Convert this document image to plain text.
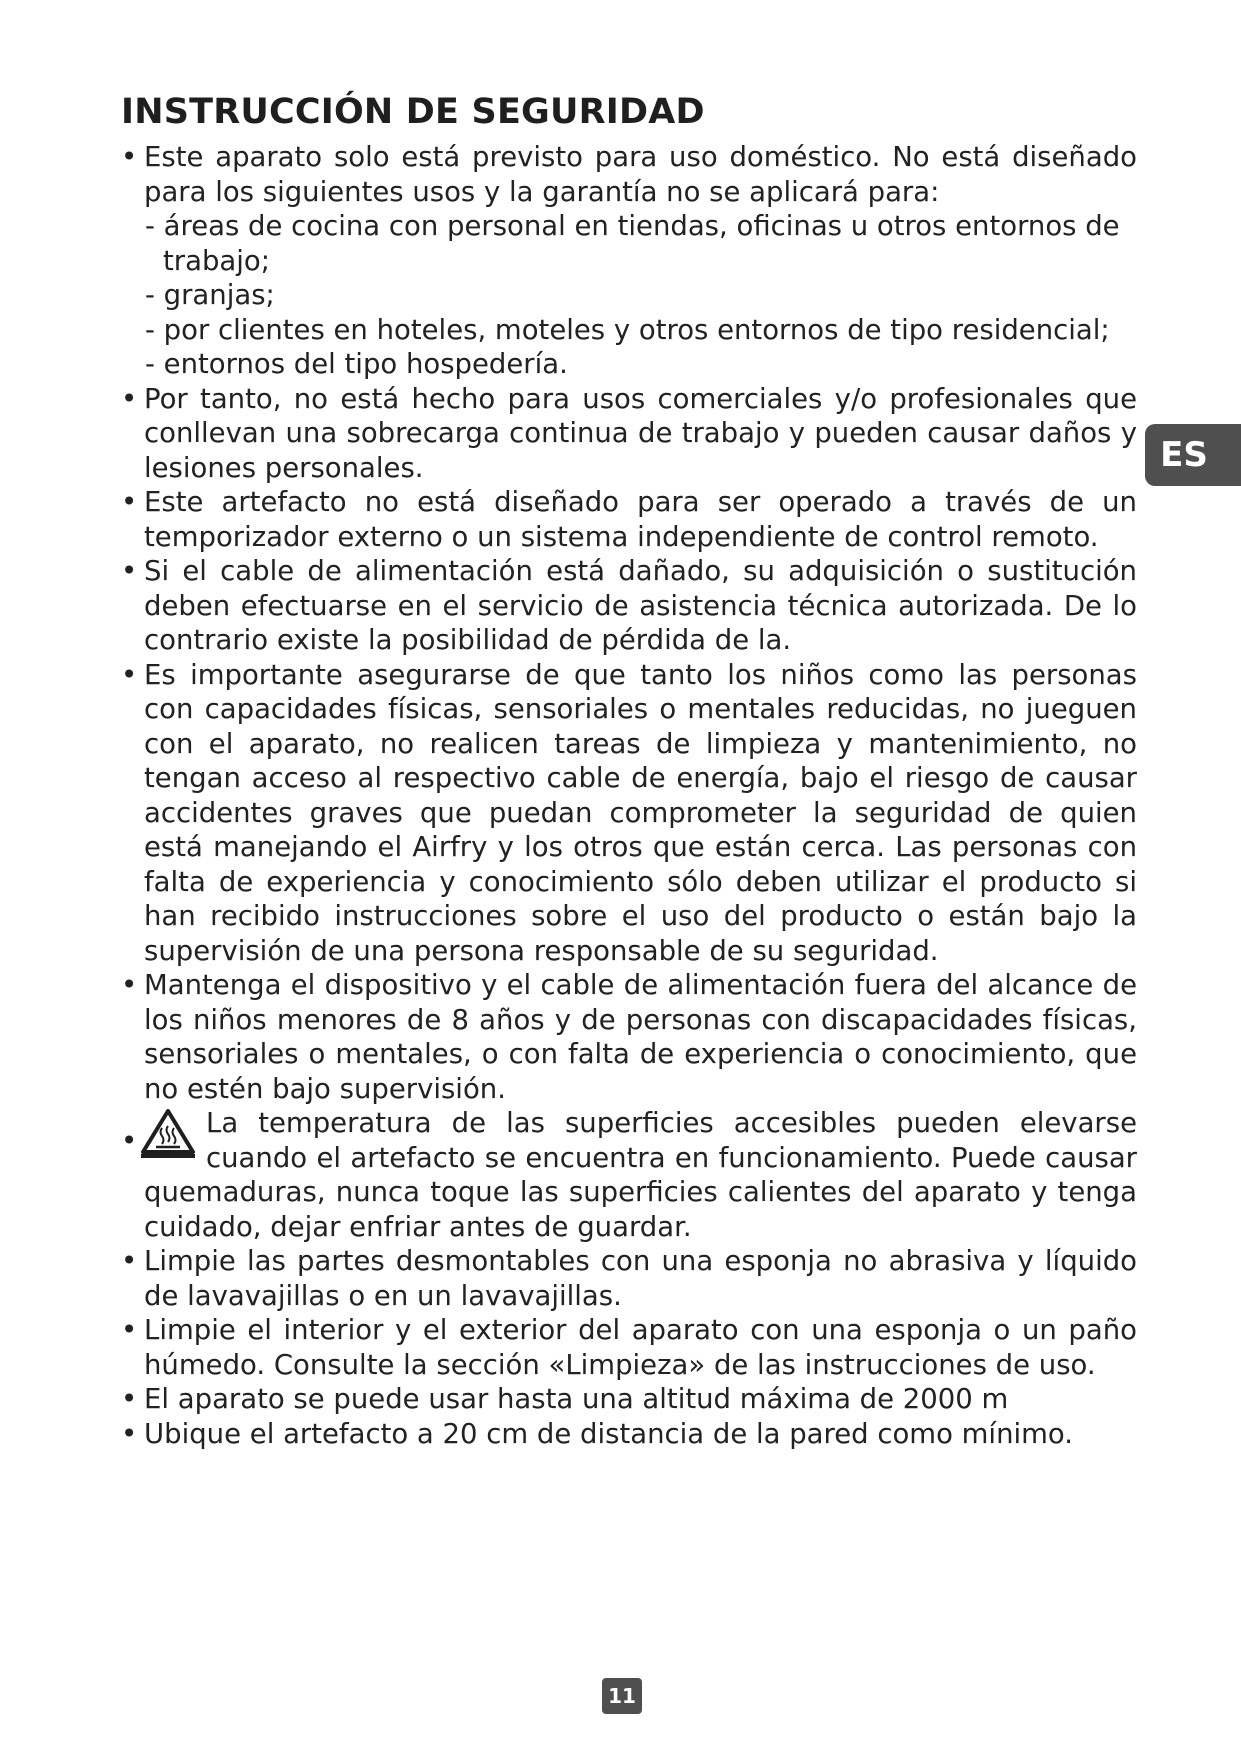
INSTRUCCIÓN DE SEGURIDAD
• Este aparato solo está previsto para uso doméstico. No está diseñado para los siguientes usos y la garantía no se aplicará para:
- áreas de cocina con personal en tiendas, oficinas u otros entornos de trabajo;
- granjas;
- por clientes en hoteles, moteles y otros entornos de tipo residencial;
- entornos del tipo hospedería.
• Por tanto, no está hecho para usos comerciales y/o profesionales que conllevan una sobrecarga continua de trabajo y pueden causar daños y lesiones personales.
• Este artefacto no está diseñado para ser operado a través de un temporizador externo o un sistema independiente de control remoto.
• Si el cable de alimentación está dañado, su adquisición o sustitución deben efectuarse en el servicio de asistencia técnica autorizada. De lo contrario existe la posibilidad de pérdida de la.
• Es importante asegurarse de que tanto los niños como las personas con capacidades físicas, sensoriales o mentales reducidas, no jueguen con el aparato, no realicen tareas de limpieza y mantenimiento, no tengan acceso al respectivo cable de energía, bajo el riesgo de causar accidentes graves que puedan comprometer la seguridad de quien está manejando el Airfry y los otros que están cerca. Las personas con falta de experiencia y conocimiento sólo deben utilizar el producto si han recibido instrucciones sobre el uso del producto o están bajo la supervisión de una persona responsable de su seguridad.
• Mantenga el dispositivo y el cable de alimentación fuera del alcance de los niños menores de 8 años y de personas con discapacidades físicas, sensoriales o mentales, o con falta de experiencia o conocimiento, que no estén bajo supervisión.
•
La temperatura de las superficies accesibles pueden elevarse cuando el artefacto se encuentra en funcionamiento. Puede causar quemaduras, nunca toque las superficies calientes del aparato y tenga cuidado, dejar enfriar antes de guardar.
• Limpie las partes desmontables con una esponja no abrasiva y líquido de lavavajillas o en un lavavajillas.
• Limpie el interior y el exterior del aparato con una esponja o un paño húmedo. Consulte la sección «Limpieza» de las instrucciones de uso.
• El aparato se puede usar hasta una altitud máxima de 2000 m
• Ubique el artefacto a 20 cm de distancia de la pared como mínimo.
ES
11
